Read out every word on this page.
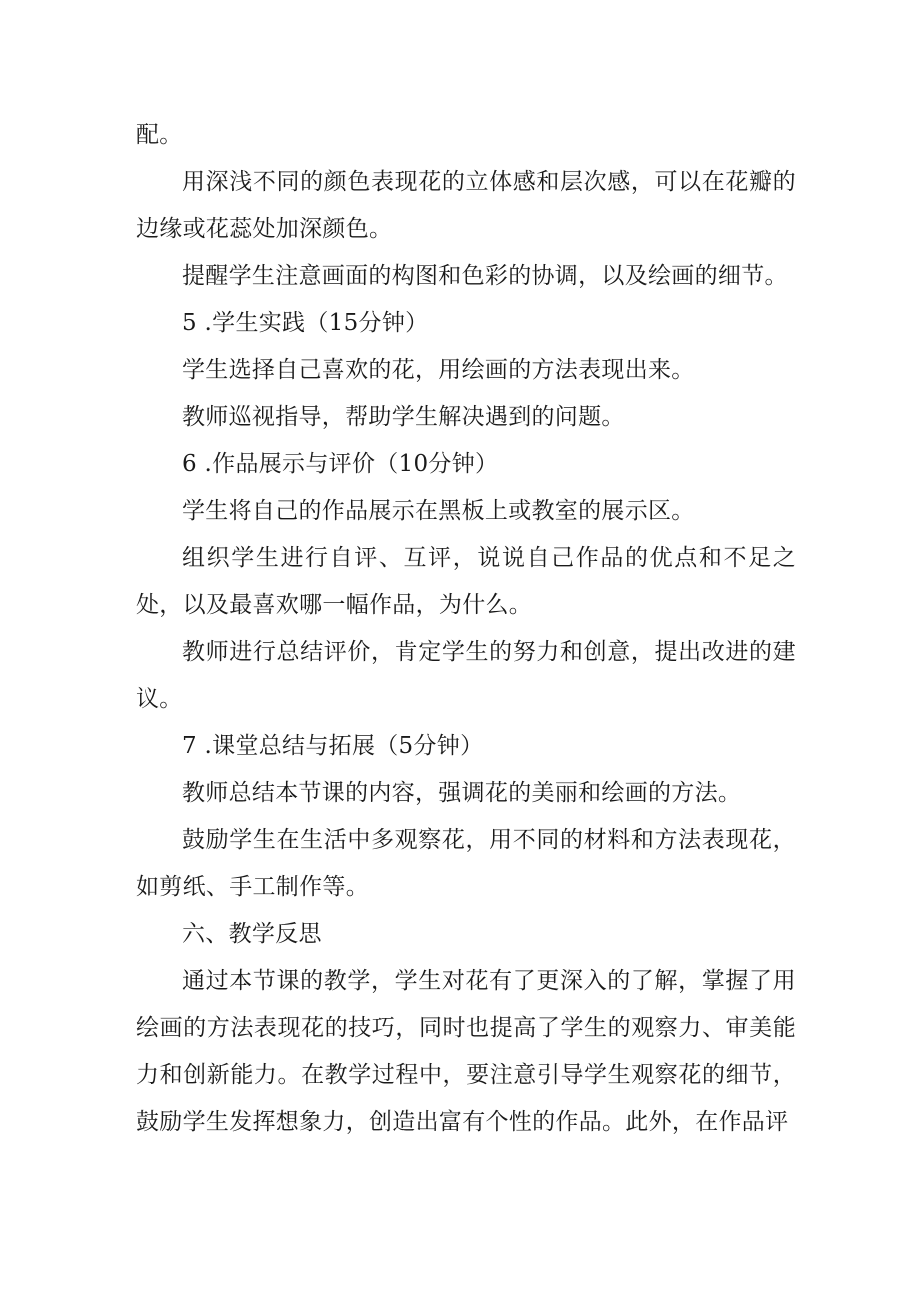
配。

用深浅不同的颜色表现花的立体感和层次感，可以在花瓣的边缘或花蕊处加深颜色。

提醒学生注意画面的构图和色彩的协调，以及绘画的细节。

5 .学生实践（15分钟）

学生选择自己喜欢的花，用绘画的方法表现出来。

教师巡视指导，帮助学生解决遇到的问题。

6 .作品展示与评价（10分钟）

学生将自己的作品展示在黑板上或教室的展示区。

组织学生进行自评、互评，说说自己作品的优点和不足之处，以及最喜欢哪一幅作品，为什么。

教师进行总结评价，肯定学生的努力和创意，提出改进的建议。

7 .课堂总结与拓展（5分钟）

教师总结本节课的内容，强调花的美丽和绘画的方法。

鼓励学生在生活中多观察花，用不同的材料和方法表现花，如剪纸、手工制作等。

六、教学反思

通过本节课的教学，学生对花有了更深入的了解，掌握了用绘画的方法表现花的技巧，同时也提高了学生的观察力、审美能力和创新能力。在教学过程中，要注意引导学生观察花的细节，鼓励学生发挥想象力，创造出富有个性的作品。此外，在作品评
